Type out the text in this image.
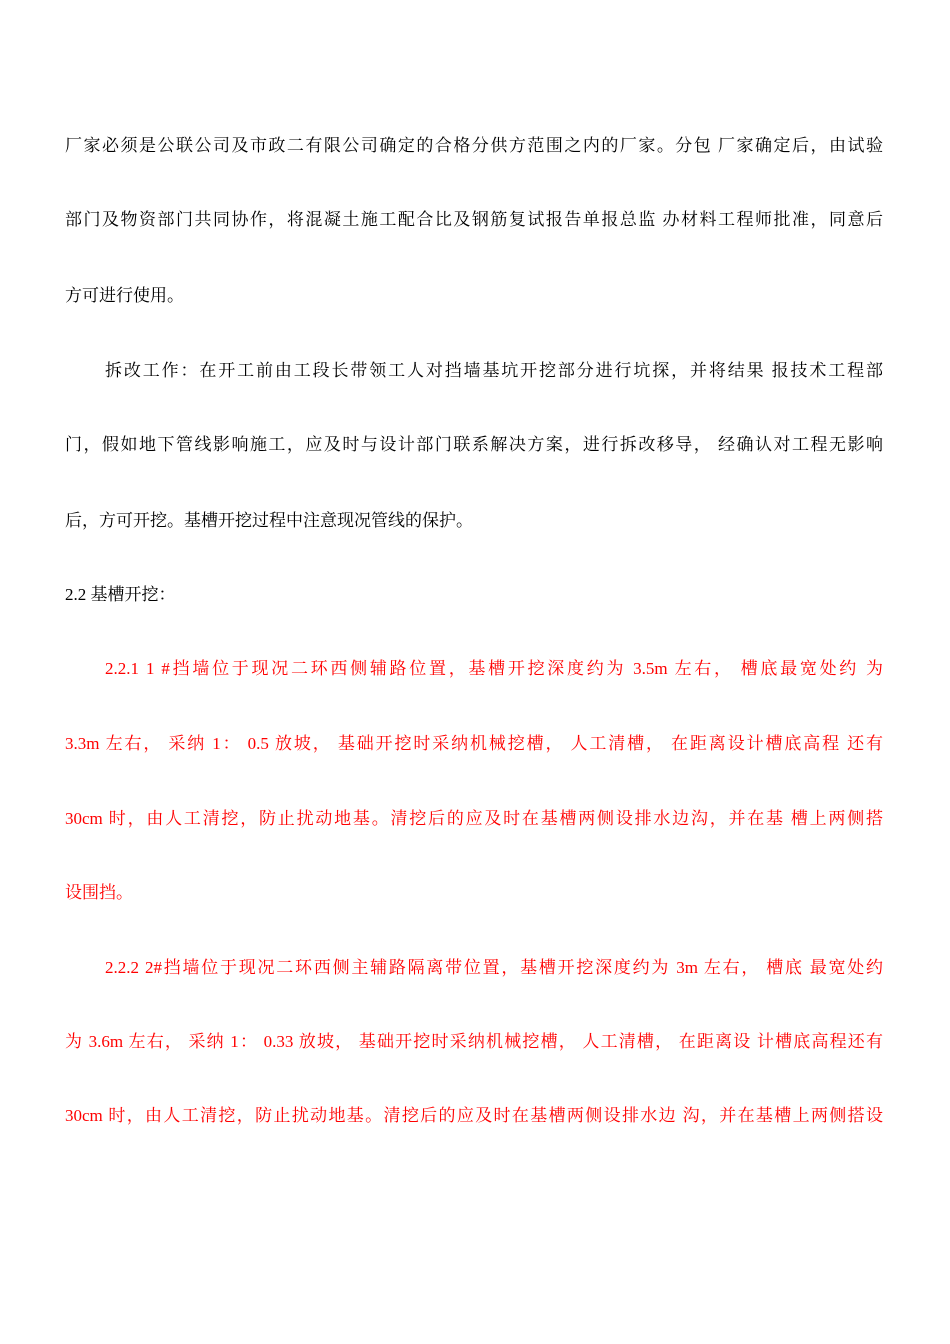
厂家必须是公联公司及市政二有限公司确定的合格分供方范围之内的厂家。分包 厂家确定后，由试验
部门及物资部门共同协作，将混凝土施工配合比及钢筋复试报告单报总监 办材料工程师批准，同意后
方可进行使用。
拆改工作：在开工前由工段长带领工人对挡墙基坑开挖部分进行坑探，并将结果 报技术工程部
门，假如地下管线影响施工，应及时与设计部门联系解决方案，进行拆改移导， 经确认对工程无影响
后，方可开挖。基槽开挖过程中注意现况管线的保护。
2.2 基槽开挖：
2.2.1 1 #挡墙位于现况二环西侧辅路位置，基槽开挖深度约为 3.5m 左右， 槽底最宽处约 为
3.3m 左右， 采纳 1： 0.5 放坡， 基础开挖时采纳机械挖槽， 人工清槽， 在距离设计槽底高程 还有
30cm 时，由人工清挖，防止扰动地基。清挖后的应及时在基槽两侧设排水边沟，并在基 槽上两侧搭
设围挡。
2.2.2 2#挡墙位于现况二环西侧主辅路隔离带位置，基槽开挖深度约为 3m 左右， 槽底 最宽处约
为 3.6m 左右， 采纳 1： 0.33 放坡， 基础开挖时采纳机械挖槽， 人工清槽， 在距离设 计槽底高程还有
30cm 时，由人工清挖，防止扰动地基。清挖后的应及时在基槽两侧设排水边 沟，并在基槽上两侧搭设
